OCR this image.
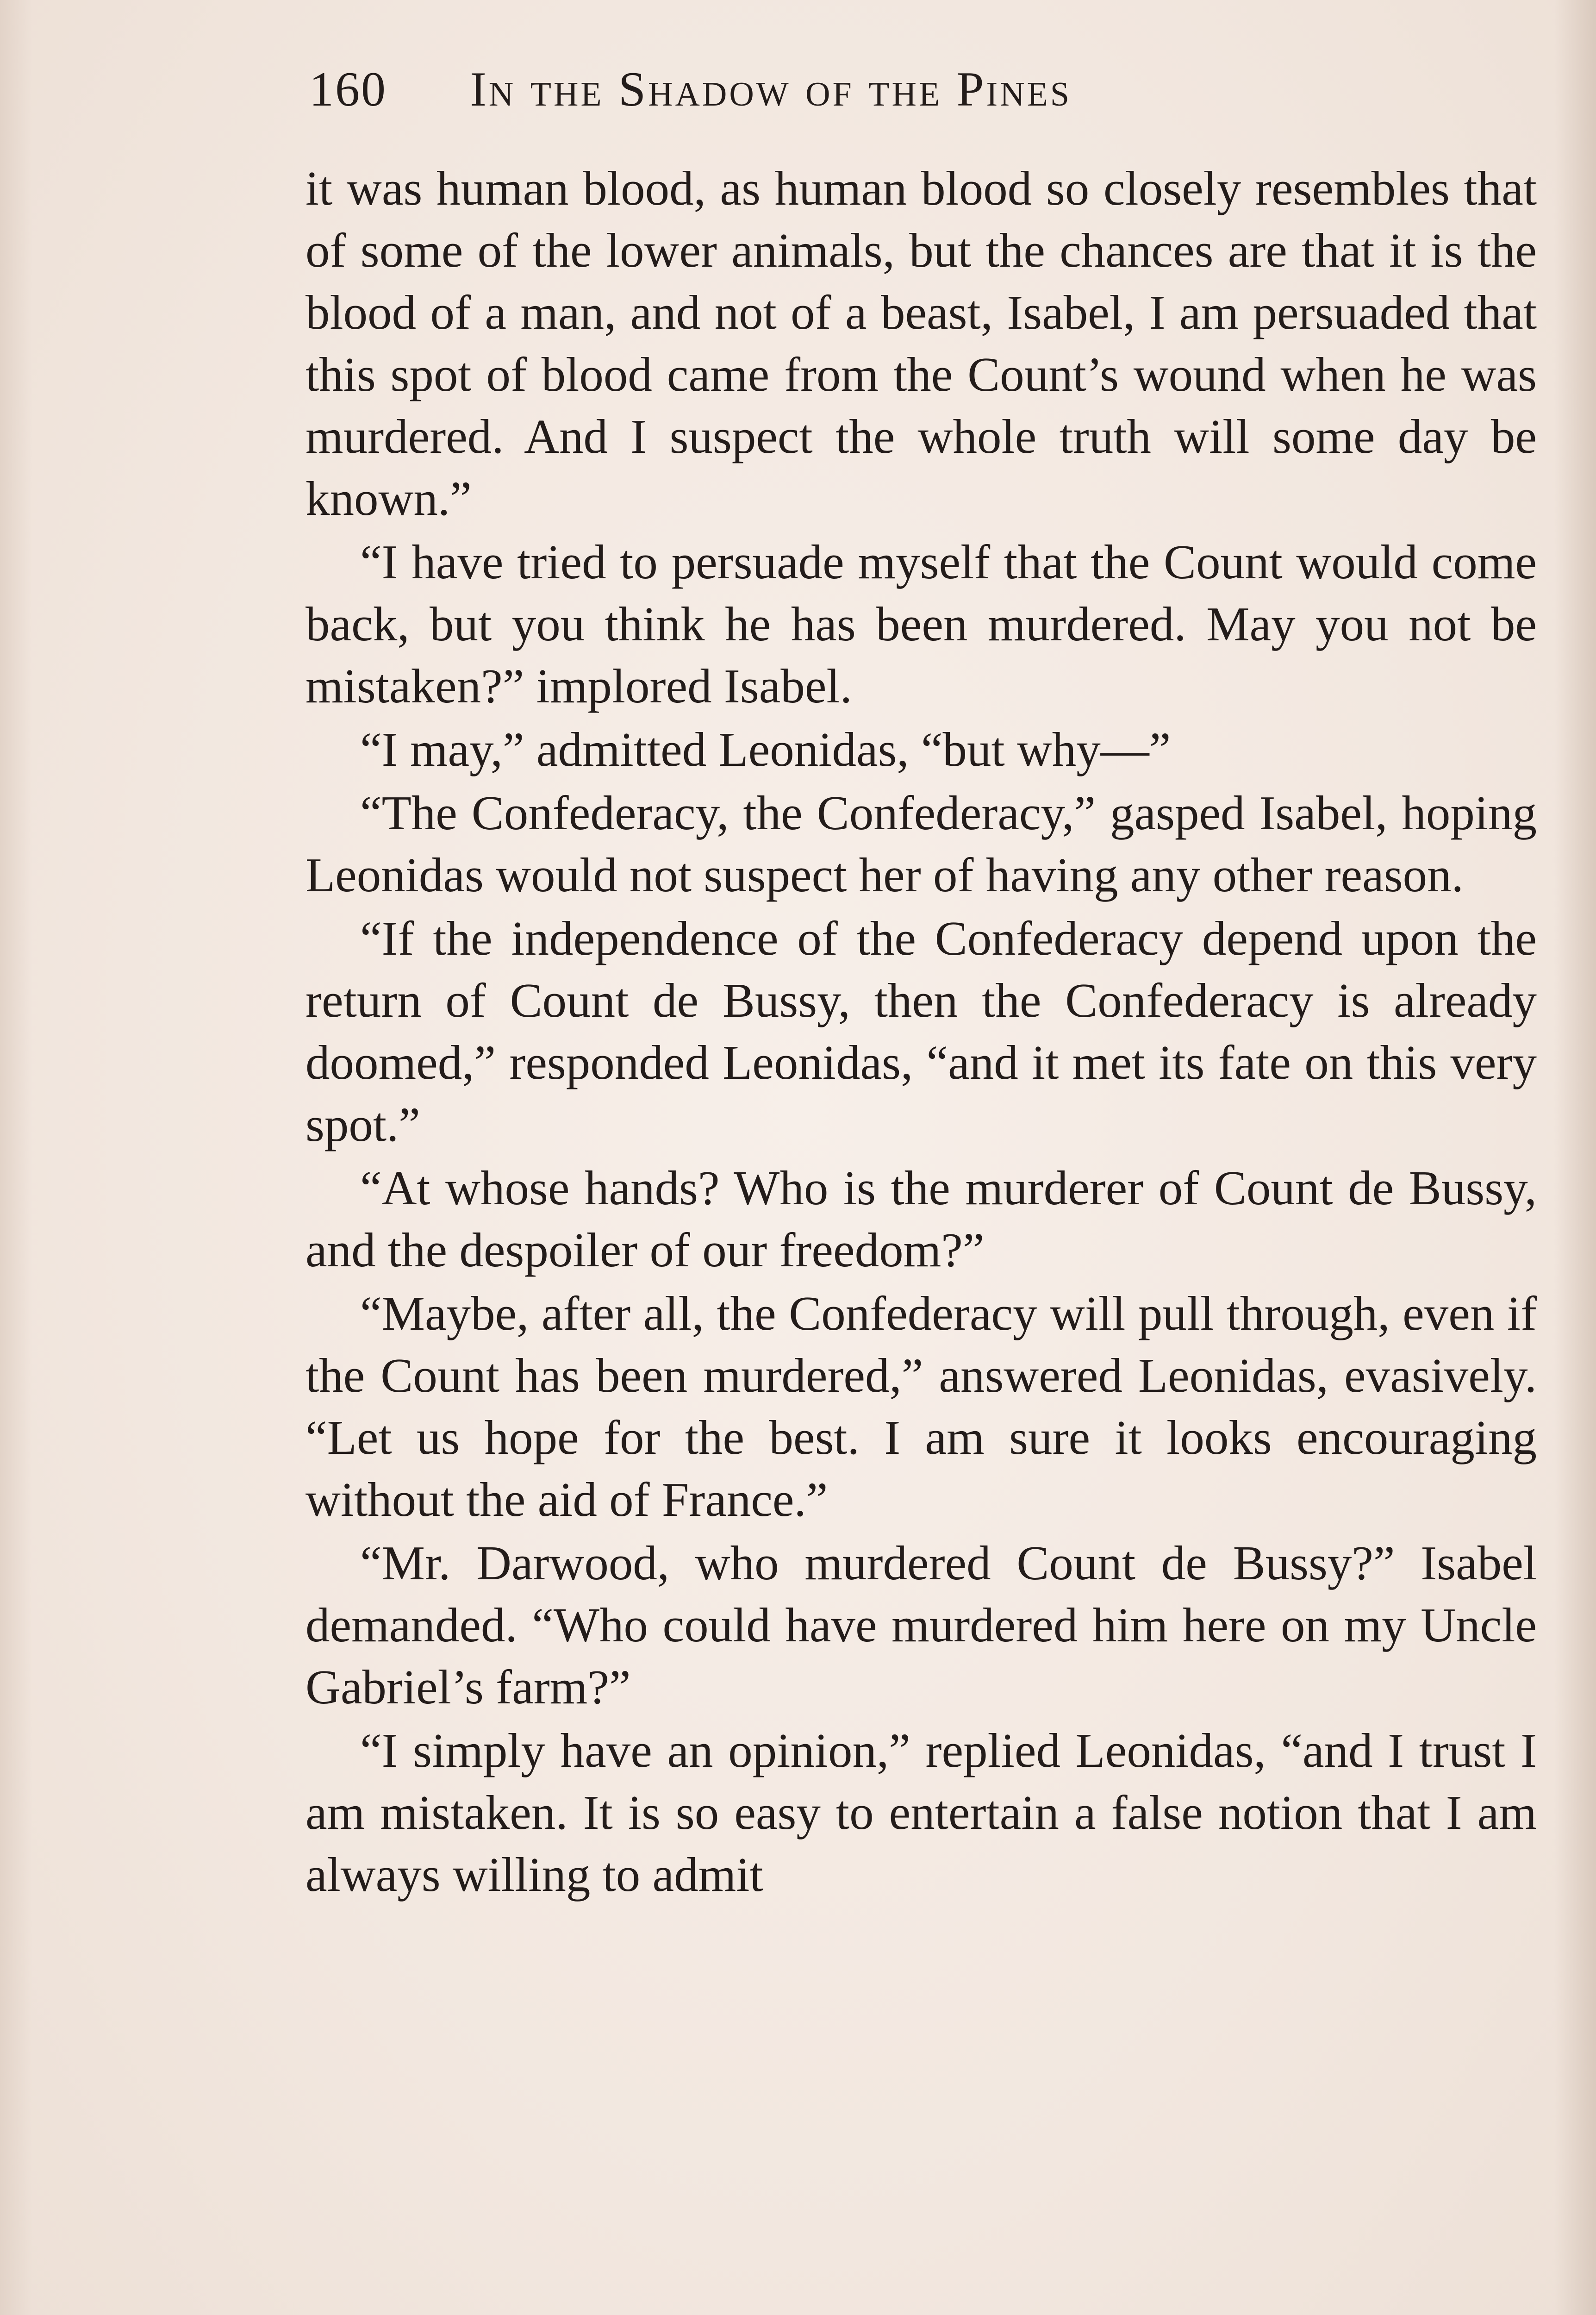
160 In the Shadow of the Pines

it was human blood, as human blood so closely resembles that of some of the lower animals, but the chances are that it is the blood of a man, and not of a beast, Isabel, I am persuaded that this spot of blood came from the Count’s wound when he was murdered. And I suspect the whole truth will some day be known.”

“I have tried to persuade myself that the Count would come back, but you think he has been murdered. May you not be mistaken?” implored Isabel.

“I may,” admitted Leonidas, “but why—”

“The Confederacy, the Confederacy,” gasped Isabel, hoping Leonidas would not suspect her of having any other reason.

“If the independence of the Confederacy depend upon the return of Count de Bussy, then the Confederacy is already doomed,” responded Leonidas, “and it met its fate on this very spot.”

“At whose hands? Who is the murderer of Count de Bussy, and the despoiler of our freedom?”

“Maybe, after all, the Confederacy will pull through, even if the Count has been murdered,” answered Leonidas, evasively. “Let us hope for the best. I am sure it looks encouraging without the aid of France.”

“Mr. Darwood, who murdered Count de Bussy?” Isabel demanded. “Who could have murdered him here on my Uncle Gabriel’s farm?”

“I simply have an opinion,” replied Leonidas, “and I trust I am mistaken. It is so easy to entertain a false notion that I am always willing to admit
